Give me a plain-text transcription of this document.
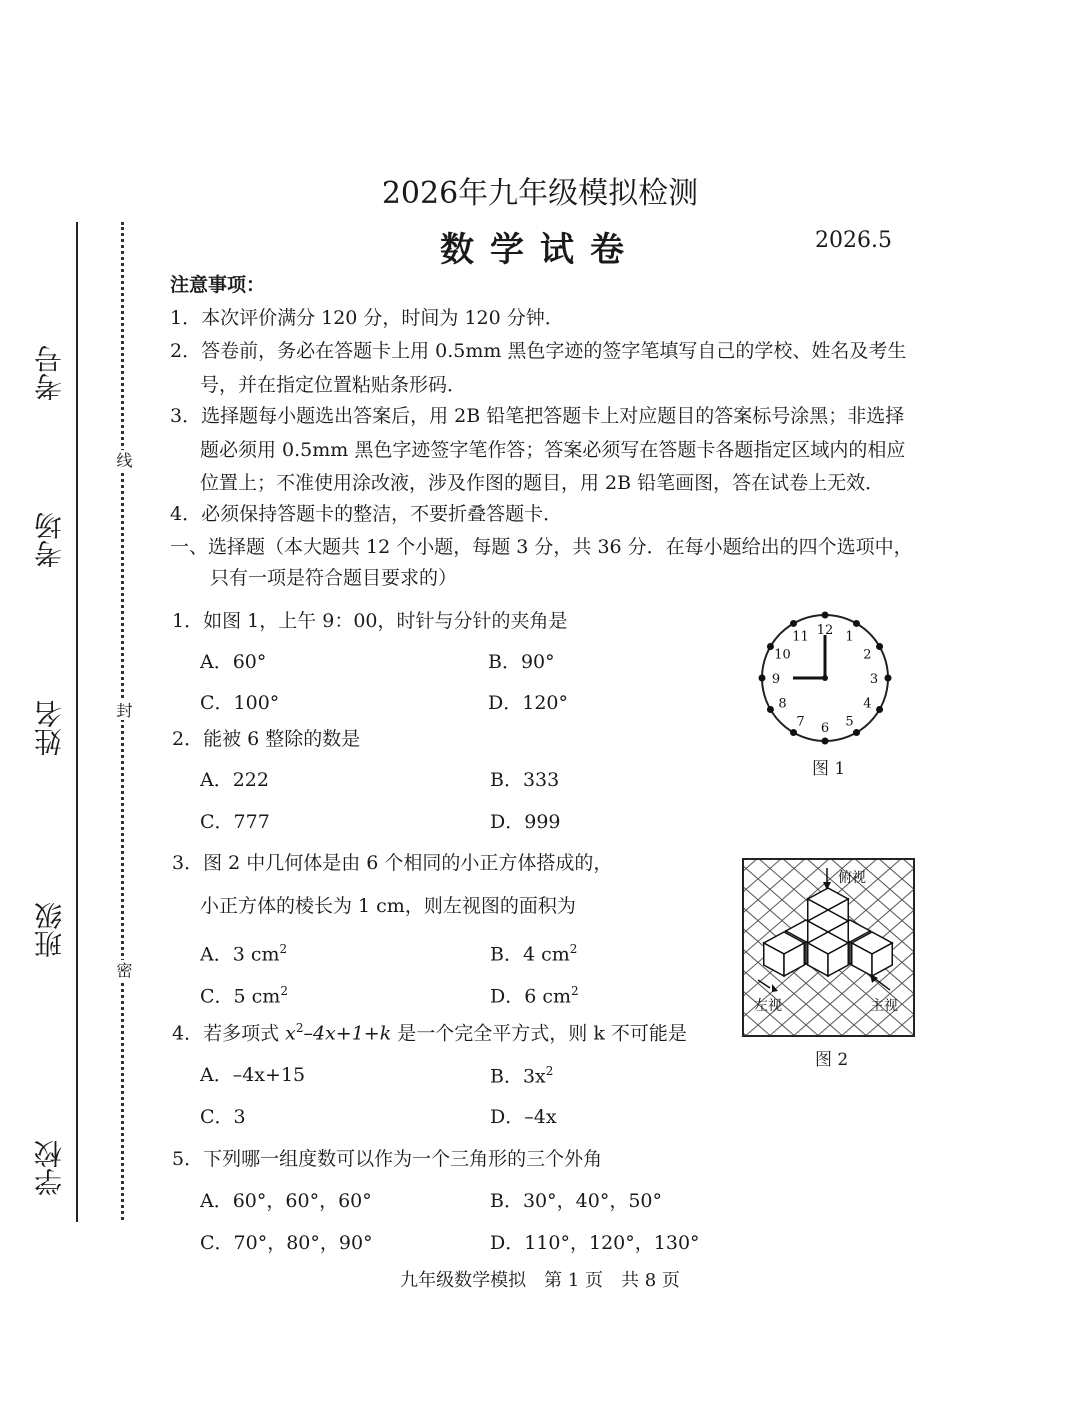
考号
考场
姓名
班级
学校
线
封
密
2026年九年级模拟检测
数学试卷	2026.5
注意事项：
1．本次评价满分 120 分，时间为 120 分钟．
2．答卷前，务必在答题卡上用 0.5mm 黑色字迹的签字笔填写自己的学校、姓名及考生
号，并在指定位置粘贴条形码．
3．选择题每小题选出答案后，用 2B 铅笔把答题卡上对应题目的答案标号涂黑；非选择
题必须用 0.5mm 黑色字迹签字笔作答；答案必须写在答题卡各题指定区域内的相应
位置上；不准使用涂改液，涉及作图的题目，用 2B 铅笔画图，答在试卷上无效．
4．必须保持答题卡的整洁，不要折叠答题卡．
一、选择题（本大题共 12 个小题，每题 3 分，共 36 分．在每小题给出的四个选项中，
只有一项是符合题目要求的）
1．如图 1，上午 9：00，时针与分针的夹角是
A．60°	B．90°
C．100°	D．120°
2．能被 6 整除的数是
A．222	B．333
C．777	D．999
3．图 2 中几何体是由 6 个相同的小正方体搭成的，
小正方体的棱长为 1 cm，则左视图的面积为
A．3 $cm^2$	B．4 $cm^2$
C．5 $cm^2$	D．6 $cm^2$
4．若多项式 $x^2-4x+1+k$ 是一个完全平方式，则 k 不可能是
A．–4x+15	B．$3x^2$
C．3	D．–4x
5．下列哪一组度数可以作为一个三角形的三个外角
A．60°，60°，60°	B．30°，40°，50°
C．70°，80°，90°	D．110°，120°，130°
12 1
2
3
4
5
6
7
8
9
10
11
图 1
俯视
左视	主视
图 2
九年级数学模拟　第 1 页　共 8 页
